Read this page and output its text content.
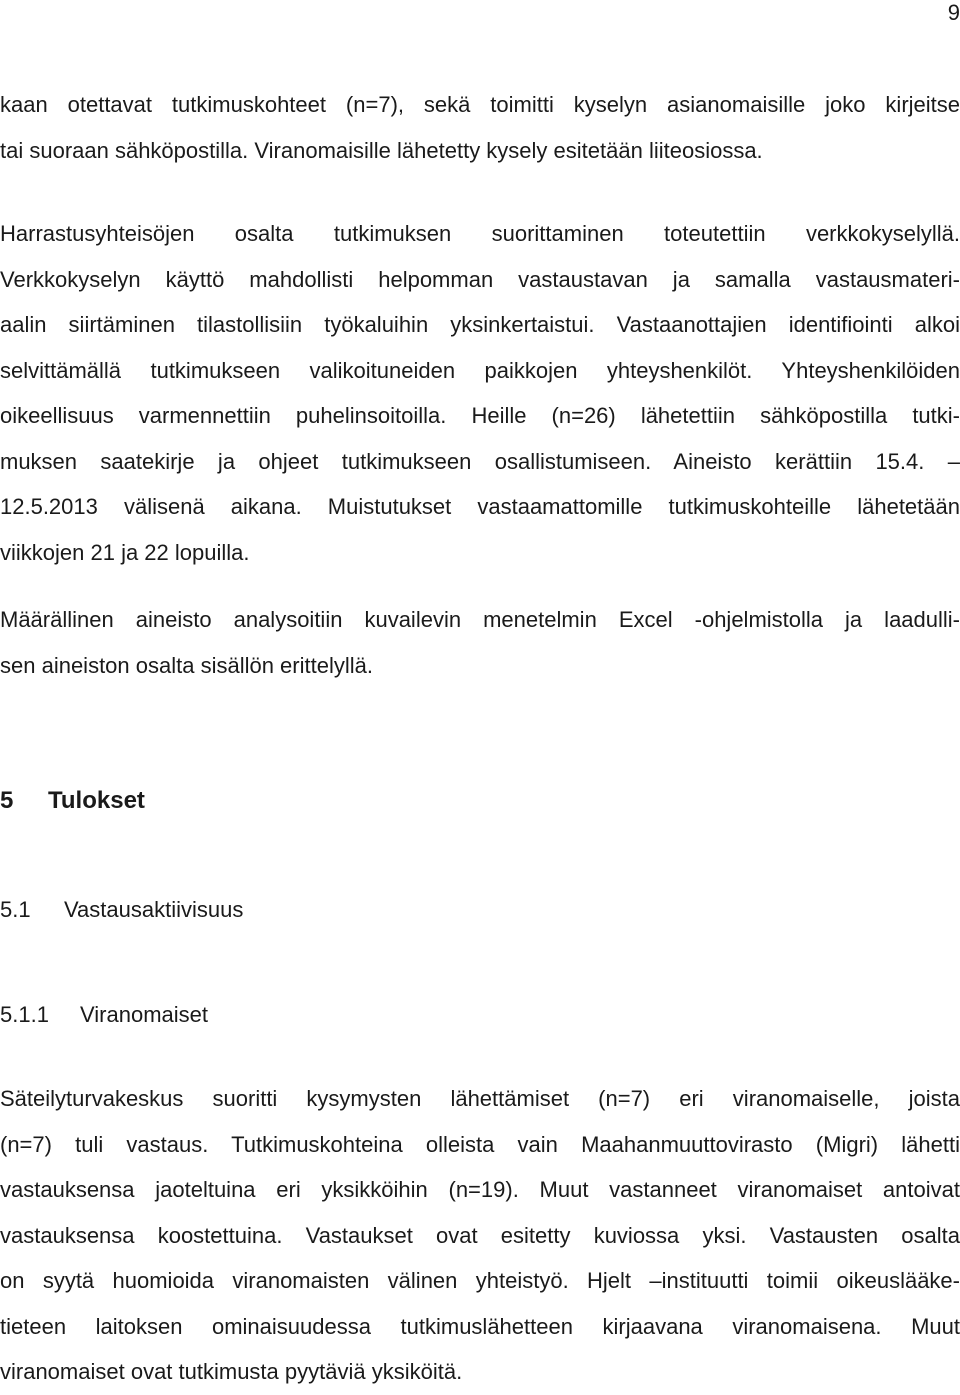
9
kaan otettavat tutkimuskohteet (n=7), sekä toimitti kyselyn asianomaisille joko kirjeitse
tai suoraan sähköpostilla. Viranomaisille lähetetty kysely esitetään liiteosiossa.
Harrastusyhteisöjen osalta tutkimuksen suorittaminen toteutettiin verkkokyselyllä.
Verkkokyselyn käyttö mahdollisti helpomman vastaustavan ja samalla vastausmateri-
aalin siirtäminen tilastollisiin työkaluihin yksinkertaistui. Vastaanottajien identifiointi alkoi
selvittämällä tutkimukseen valikoituneiden paikkojen yhteyshenkilöt. Yhteyshenkilöiden
oikeellisuus varmennettiin puhelinsoitoilla. Heille (n=26) lähetettiin sähköpostilla tutki-
muksen saatekirje ja ohjeet tutkimukseen osallistumiseen. Aineisto kerättiin 15.4. –
12.5.2013 välisenä aikana. Muistutukset vastaamattomille tutkimuskohteille lähetetään
viikkojen 21 ja 22 lopuilla.
Määrällinen aineisto analysoitiin kuvailevin menetelmin Excel -ohjelmistolla ja laadulli-
sen aineiston osalta sisällön erittelyllä.
5 Tulokset
5.1 Vastausaktiivisuus
5.1.1 Viranomaiset
Säteilyturvakeskus suoritti kysymysten lähettämiset (n=7) eri viranomaiselle, joista
(n=7) tuli vastaus. Tutkimuskohteina olleista vain Maahanmuuttovirasto (Migri) lähetti
vastauksensa jaoteltuina eri yksikköihin (n=19). Muut vastanneet viranomaiset antoivat
vastauksensa koostettuina. Vastaukset ovat esitetty kuviossa yksi. Vastausten osalta
on syytä huomioida viranomaisten välinen yhteistyö. Hjelt –instituutti toimii oikeuslääke-
tieteen laitoksen ominaisuudessa tutkimuslähetteen kirjaavana viranomaisena. Muut
viranomaiset ovat tutkimusta pyytäviä yksiköitä.
